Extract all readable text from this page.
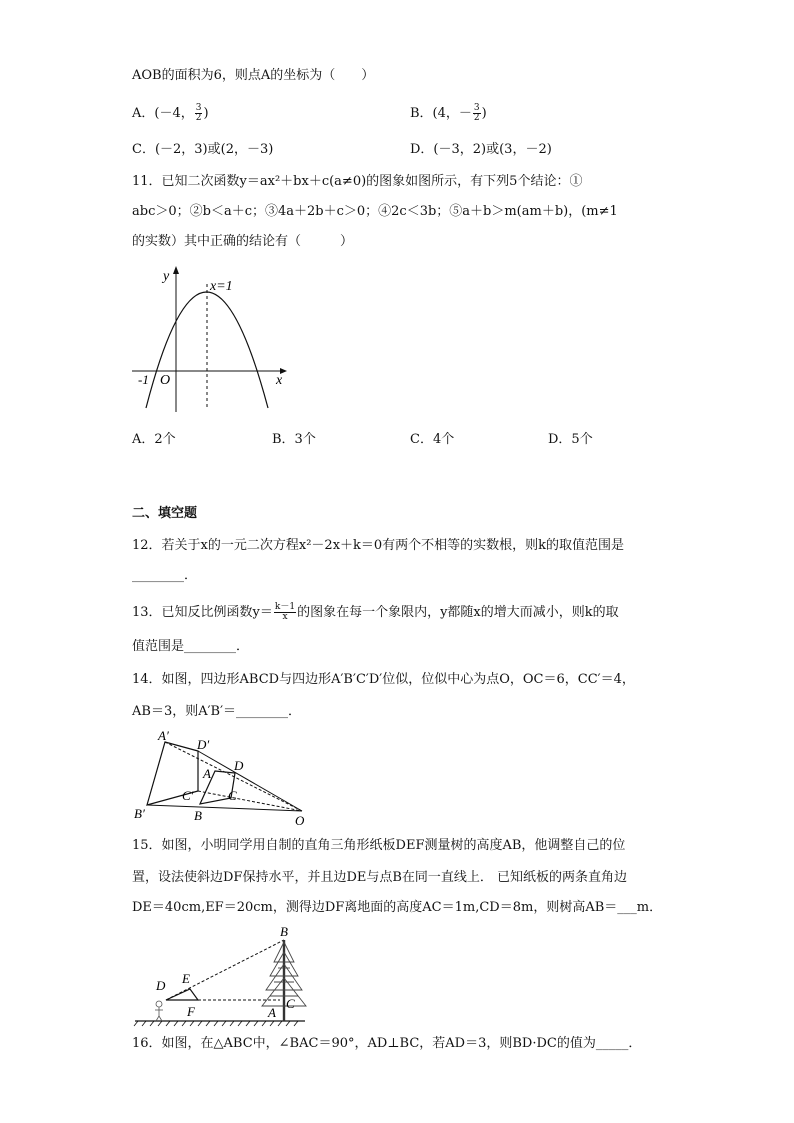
AOB的面积为6，则点A的坐标为（　　）
A．(－4， $\frac{3}{2}$ )	B．(4，－ $\frac{3}{2}$ )
C．(－2，3)或(2，－3)	D．(－3，2)或(3，－2)
11．已知二次函数y＝ax²＋bx＋c(a≠0)的图象如图所示，有下列5个结论：①
abc＞0；②b＜a＋c；③4a＋2b＋c＞0；④2c＜3b；⑤a＋b＞m(am＋b)，(m≠1
的实数）其中正确的结论有（　　　）
y
x
x=1
-1 O
A．2个	B．3个	C．4个	D．5个
二、填空题
12．若关于x的一元二次方程x²－2x＋k＝0有两个不相等的实数根，则k的取值范围是
________．
13．已知反比例函数$y= \frac{k-1}{x}$ 的图象在每一个象限内，y都随x的增大而减小，则k的取
值范围是________．
14．如图，四边形ABCD与四边形A′B′C′D′位似，位似中心为点O，OC＝6，CC′＝4，
AB＝3，则A′B′＝________．
A′
D′
A
D
C′	C
B′	B	O
15．如图，小明同学用自制的直角三角形纸板DEF测量树的高度AB，他调整自己的位
置，设法使斜边DF保持水平，并且边DE与点B在同一直线上． 已知纸板的两条直角边
DE＝40cm,EF＝20cm，测得边DF离地面的高度AC＝1m,CD＝8m，则树高AB＝___m．
B
D E
F	A
C
16．如图，在△ABC中，∠BAC＝90°，AD⊥BC，若AD＝3，则BD·DC的值为_____．
